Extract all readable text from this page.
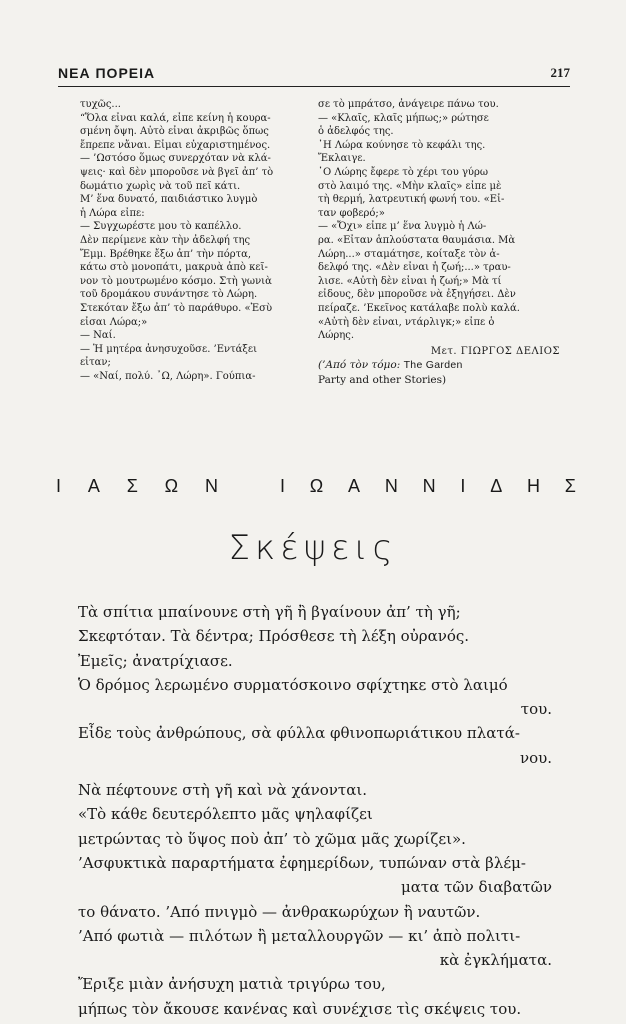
ΝΕΑ ΠΟΡΕΙΑ	217

τυχῶς...

“Ὅλα εἶναι καλά, εἶπε κείνη ἡ κουρα-

σμένη ὄψη. Αὐτὸ εἶναι ἀκριβῶς ὅπως

ἔπρεπε νἄναι. Εἶμαι εὐχαριστημένος.

— ’Ωστόσο ὅμως συνερχόταν νὰ κλά-

ψεις· καὶ δὲν μποροῦσε νὰ βγεῖ ἀπ’ τὸ

δωμάτιο χωρὶς νὰ τοῦ πεῖ κάτι.

Μ’ ἕνα δυνατό, παιδιάστικο λυγμὸ

ἡ Λώρα εἶπε:

— Συγχωρέστε μου τὸ καπέλλο.

Δὲν περίμενε κὰν τὴν ἀδελφή της

Ἔμμ. Βρέθηκε ἔξω ἀπ’ τὴν πόρτα,

κάτω στὸ μονοπάτι, μακρυὰ ἀπὸ κεῖ-

νον τὸ μουτρωμένο κόσμο. Στὴ γωνιὰ

τοῦ δρομάκου συνάντησε τὸ Λώρη.

Στεκόταν ἔξω ἀπ’ τὸ παράθυρο. «Ἐσὺ

εἶσαι Λώρα;»

— Ναί.

— Ἡ μητέρα ἀνησυχοῦσε. ’Εντάξει

εἶταν;

— «Ναί, πολύ. ῏Ω, Λώρη». Γούπια-

σε τὸ μπράτσο, ἀνάγειρε πάνω του.

— «Κλαῖς, κλαῖς μήπως;» ρώτησε

ὁ ἀδελφός της.

῾Η Λώρα κούνησε τὸ κεφάλι της.

Ἔκλαιγε.

῾Ο Λώρης ἔφερε τὸ χέρι του γύρω

στὸ λαιμό της. «Μὴν κλαῖς» εἶπε μὲ

τὴ θερμή, λατρευτική φωνή του. «Εἶ-

ταν φοβερό;»

— «Ὄχι» εἶπε μ’ ἕνα λυγμὸ ἡ Λώ-

ρα. «Εἶταν ἁπλούστατα θαυμάσια. Μὰ

Λώρη...» σταμάτησε, κοίταξε τὸν ἀ-

δελφό της. «Δὲν εἶναι ἡ ζωή;...» τραυ-

λισε. «Αὐτὴ δὲν εἶναι ἡ ζωή;» Μὰ τί

εἶδους, δὲν μποροῦσε νὰ ἐξηγήσει. Δὲν

πείραζε. ’Εκεῖνος κατάλαβε πολὺ καλά.

«Αὐτὴ δὲν εἶναι, ντάρλιγκ;» εἶπε ὁ

Λώρης.

Μετ. ΓΙΩΡΓΟΣ ΔΕΛΙΟΣ

(’Από τὸν τόμο: The Garden

Party and other Stories)

Ι Α Σ Ω Ν	Ι Ω Α Ν Ν Ι Δ Η Σ
Σκέψεις
Τὰ σπίτια μπαίνουνε στὴ γῆ ἢ βγαίνουν ἀπ’ τὴ γῆ;
Σκεφτόταν. Τὰ δέντρα; Πρόσθεσε τὴ λέξη οὐρανός.
Ἐμεῖς; ἀνατρίχιασε.
Ὁ δρόμος λερωμένο συρματόσκοινο σφίχτηκε στὸ λαιμό
του.
Εἶδε τοὺς ἀνθρώπους, σὰ φύλλα φθινοπωριάτικου πλατά-
νου.
Νὰ πέφτουνε στὴ γῆ καὶ νὰ χάνονται.
«Τὸ κάθε δευτερόλεπτο μᾶς ψηλαφίζει
μετρώντας τὸ ὕψος ποὺ ἀπ’ τὸ χῶμα μᾶς χωρίζει».
’Ασφυκτικὰ παραρτήματα ἐφημερίδων, τυπώναν στὰ βλέμ-
ματα τῶν διαβατῶν
το θάνατο. ’Από πνιγμὸ — ἀνθρακωρύχων ἢ ναυτῶν.
’Από φωτιὰ — πιλότων ἢ μεταλλουργῶν — κι’ ἀπὸ πολιτι-
κὰ ἐγκλήματα.
Ἔριξε μιὰν ἀνήσυχη ματιὰ τριγύρω του,
μήπως τὸν ἄκουσε κανένας καὶ συνέχισε τὶς σκέψεις του.
